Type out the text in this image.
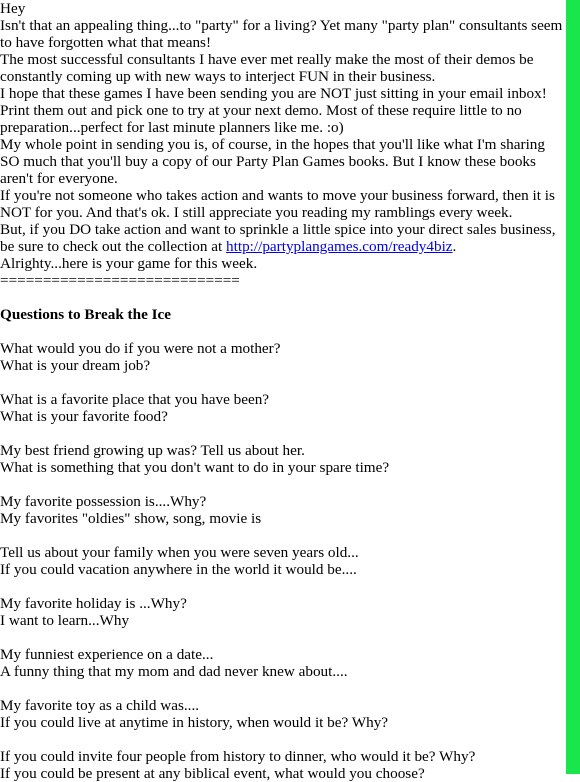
Hey

Isn't that an appealing thing...to "party" for a living? Yet many "party plan" consultants seem to have forgotten what that means!

The most successful consultants I have ever met really make the most of their demos be constantly coming up with new ways to interject FUN in their business.

I hope that these games I have been sending you are NOT just sitting in your email inbox! Print them out and pick one to try at your next demo. Most of these require little to no preparation...perfect for last minute planners like me. :o)

My whole point in sending you is, of course, in the hopes that you'll like what I'm sharing SO much that you'll buy a copy of our Party Plan Games books. But I know these books aren't for everyone.

If you're not someone who takes action and wants to move your business forward, then it is NOT for you. And that's ok. I still appreciate you reading my ramblings every week.

But, if you DO take action and want to sprinkle a little spice into your direct sales business, be sure to check out the collection at http://partyplangames.com/ready4biz.

Alrighty...here is your game for this week.

============================

Questions to Break the Ice

What would you do if you were not a mother?

What is your dream job?

What is a favorite place that you have been?

What is your favorite food?

My best friend growing up was? Tell us about her.

What is something that you don't want to do in your spare time?

My favorite possession is....Why?

My favorites "oldies" show, song, movie is

Tell us about your family when you were seven years old...

If you could vacation anywhere in the world it would be....

My favorite holiday is ...Why?

I want to learn...Why

My funniest experience on a date...

A funny thing that my mom and dad never knew about....

My favorite toy as a child was....

If you could live at anytime in history, when would it be? Why?

If you could invite four people from history to dinner, who would it be? Why?

If you could be present at any biblical event, what would you choose?
